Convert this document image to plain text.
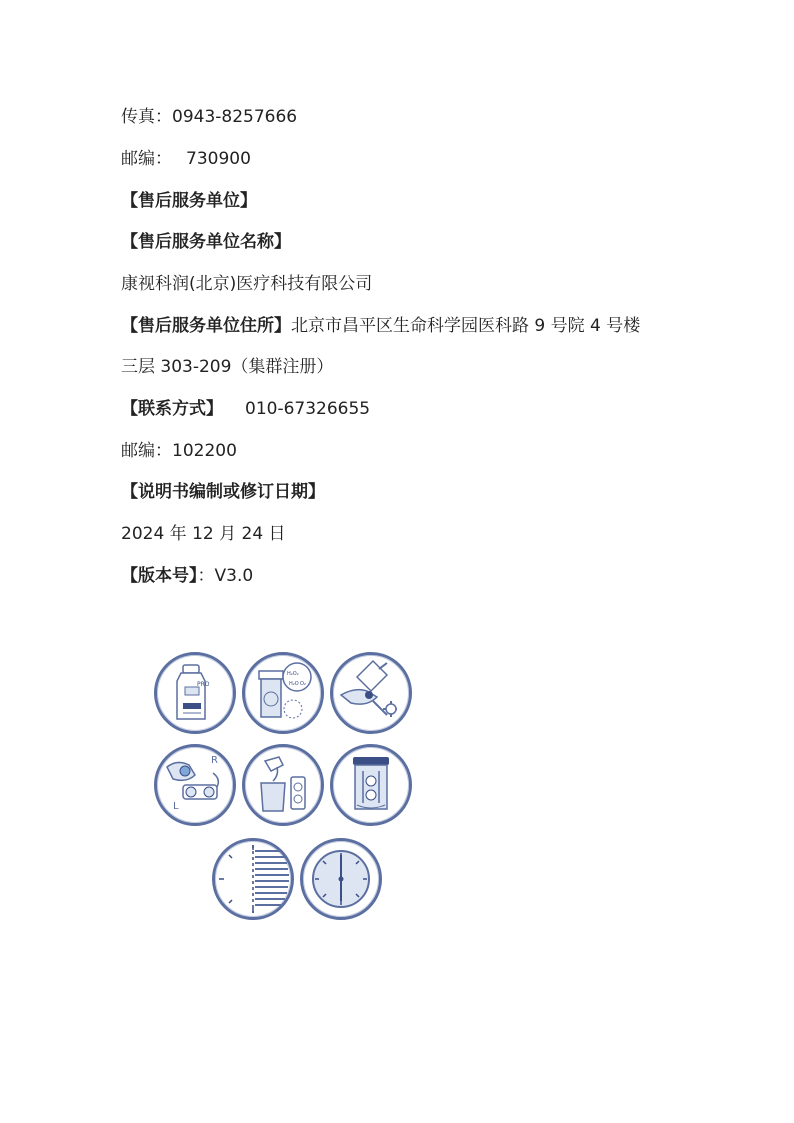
传真：0943-8257666
邮编： 730900
【售后服务单位】
【售后服务单位名称】
康视科润(北京)医疗科技有限公司
【售后服务单位住所】北京市昌平区生命科学园医科路 9 号院 4 号楼
三层 303-209（集群注册）
【联系方式】 010-67326655
邮编：102200
【说明书编制或修订日期】
2024 年 12 月 24 日
【版本号】：V3.0
PRO
H₂O₂
H₂O O₂
R
L
